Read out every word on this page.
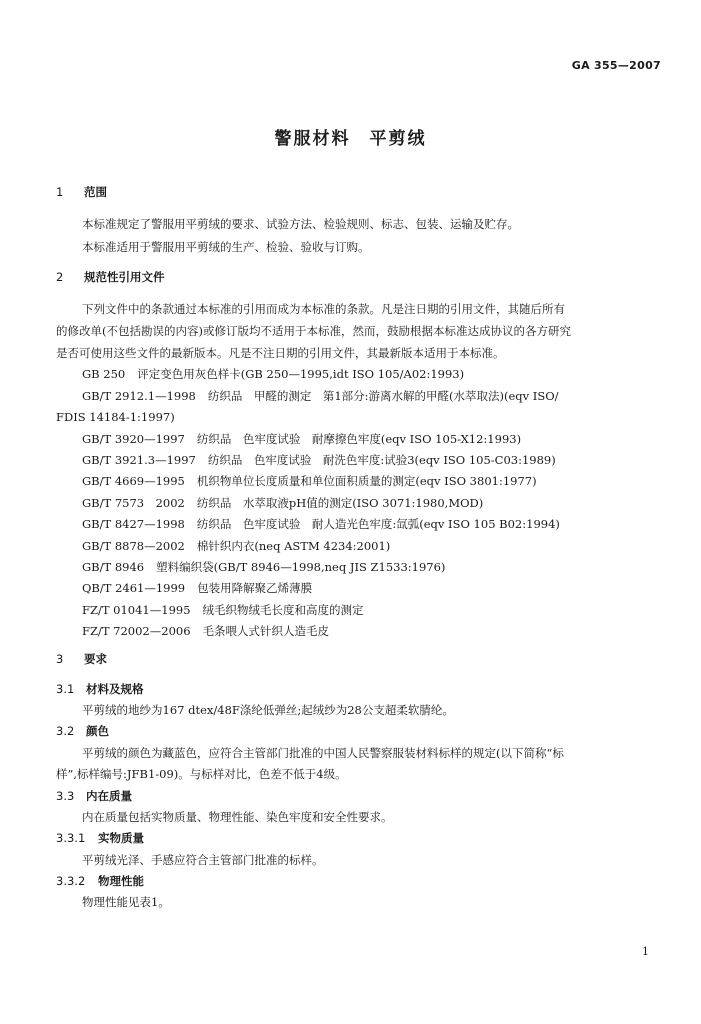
GA 355—2007
警服材料　平剪绒
1 范围
本标准规定了警服用平剪绒的要求、试验方法、检验规则、标志、包装、运输及贮存。
本标准适用于警服用平剪绒的生产、检验、验收与订购。
2 规范性引用文件
下列文件中的条款通过本标准的引用而成为本标准的条款。凡是注日期的引用文件，其随后所有
的修改单(不包括勘误的内容)或修订版均不适用于本标准，然而，鼓励根据本标准达成协议的各方研究
是否可使用这些文件的最新版本。凡是不注日期的引用文件，其最新版本适用于本标准。
GB 250 评定变色用灰色样卡(GB 250—1995,idt ISO 105/A02:1993)
GB/T 2912.1—1998 纺织品　甲醛的测定　第1部分:游离水解的甲醛(水萃取法)(eqv ISO/
FDIS 14184-1:1997)
GB/T 3920—1997 纺织品　色牢度试验　耐摩擦色牢度(eqv ISO 105-X12:1993)
GB/T 3921.3—1997 纺织品　色牢度试验　耐洗色牢度:试验3(eqv ISO 105-C03:1989)
GB/T 4669—1995 机织物单位长度质量和单位面积质量的测定(eqv ISO 3801:1977)
GB/T 7573　2002 纺织品　水萃取液pH值的测定(ISO 3071:1980,MOD)
GB/T 8427—1998 纺织品　色牢度试验　耐人造光色牢度:氙弧(eqv ISO 105 B02:1994)
GB/T 8878—2002 棉针织内衣(neq ASTM 4234:2001)
GB/T 8946 塑料编织袋(GB/T 8946—1998,neq JIS Z1533:1976)
QB/T 2461—1999 包装用降解聚乙烯薄膜
FZ/T 01041—1995 绒毛织物绒毛长度和高度的测定
FZ/T 72002—2006 毛条喂人式针织人造毛皮
3 要求
3.1 材料及规格
平剪绒的地纱为167 dtex/48F涤纶低弹丝;起绒纱为28公支超柔软腈纶。
3.2 颜色
平剪绒的颜色为藏蓝色，应符合主管部门批准的中国人民警察服装材料标样的规定(以下简称“标
样”,标样编号:JFB1-09)。与标样对比，色差不低于4级。
3.3 内在质量
内在质量包括实物质量、物理性能、染色牢度和安全性要求。
3.3.1 实物质量
平剪绒光泽、手感应符合主管部门批准的标样。
3.3.2 物理性能
物理性能见表1。
1
